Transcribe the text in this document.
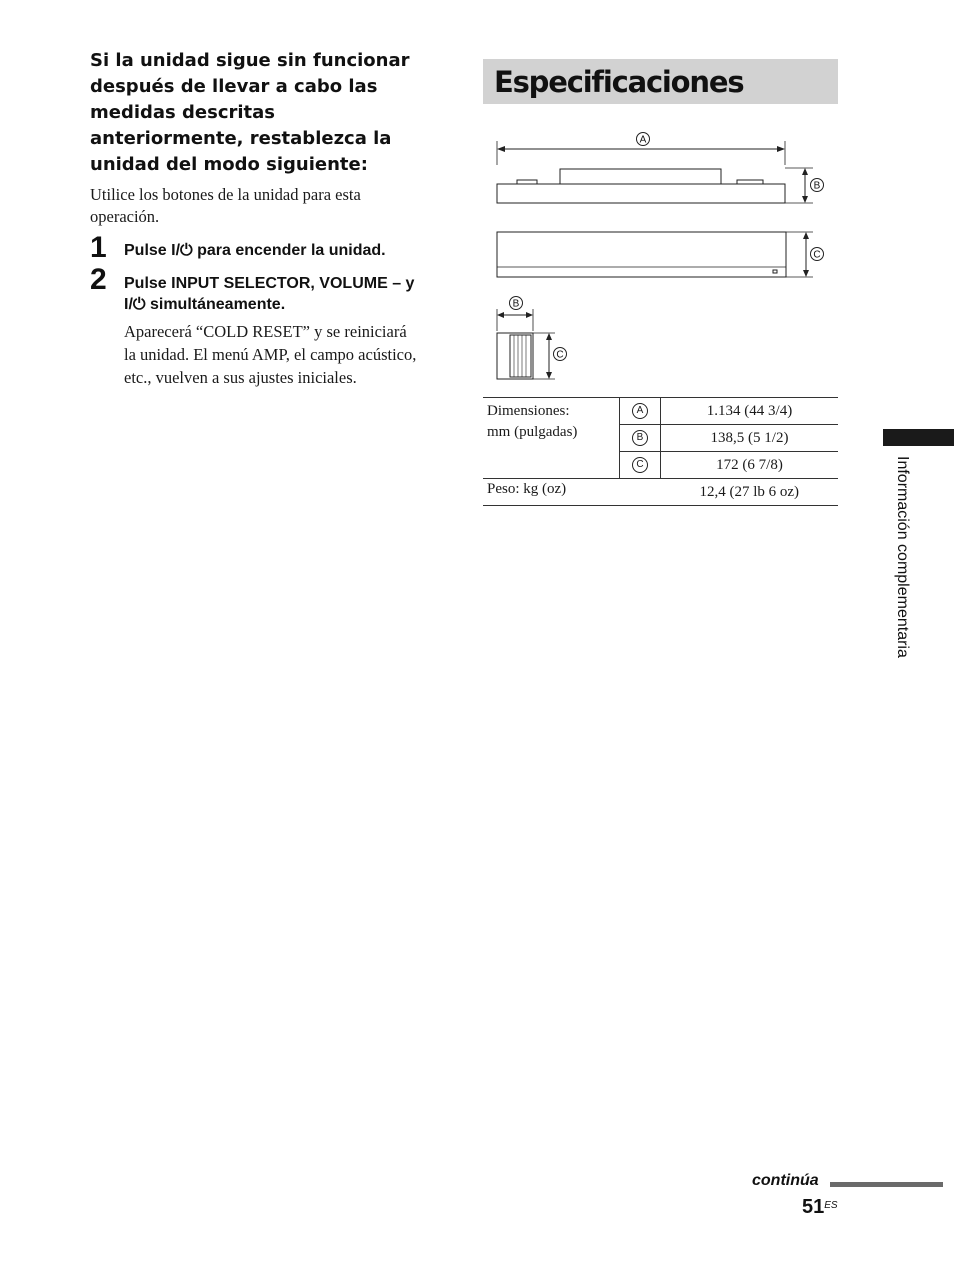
Si la unidad sigue sin funcionar
después de llevar a cabo las
medidas descritas
anteriormente, restablezca la
unidad del modo siguiente:
Utilice los botones de la unidad para esta
operación.
1 Pulse I/⏻ para encender la unidad.
2 Pulse INPUT SELECTOR, VOLUME – y
I/⏻ simultáneamente.
Aparecerá “COLD RESET” y se reiniciará
la unidad. El menú AMP, el campo acústico,
etc., vuelven a sus ajustes iniciales.
Especificaciones
A
B
C
B
C
Dimensiones:
mm (pulgadas)	A	1.134 (44 3/4)
	B	138,5 (5 1/2)
	C	172 (6 7/8)
Peso: kg (oz)		12,4 (27 lb 6 oz)	Información complementaria
continúa
$51^{ES}$
